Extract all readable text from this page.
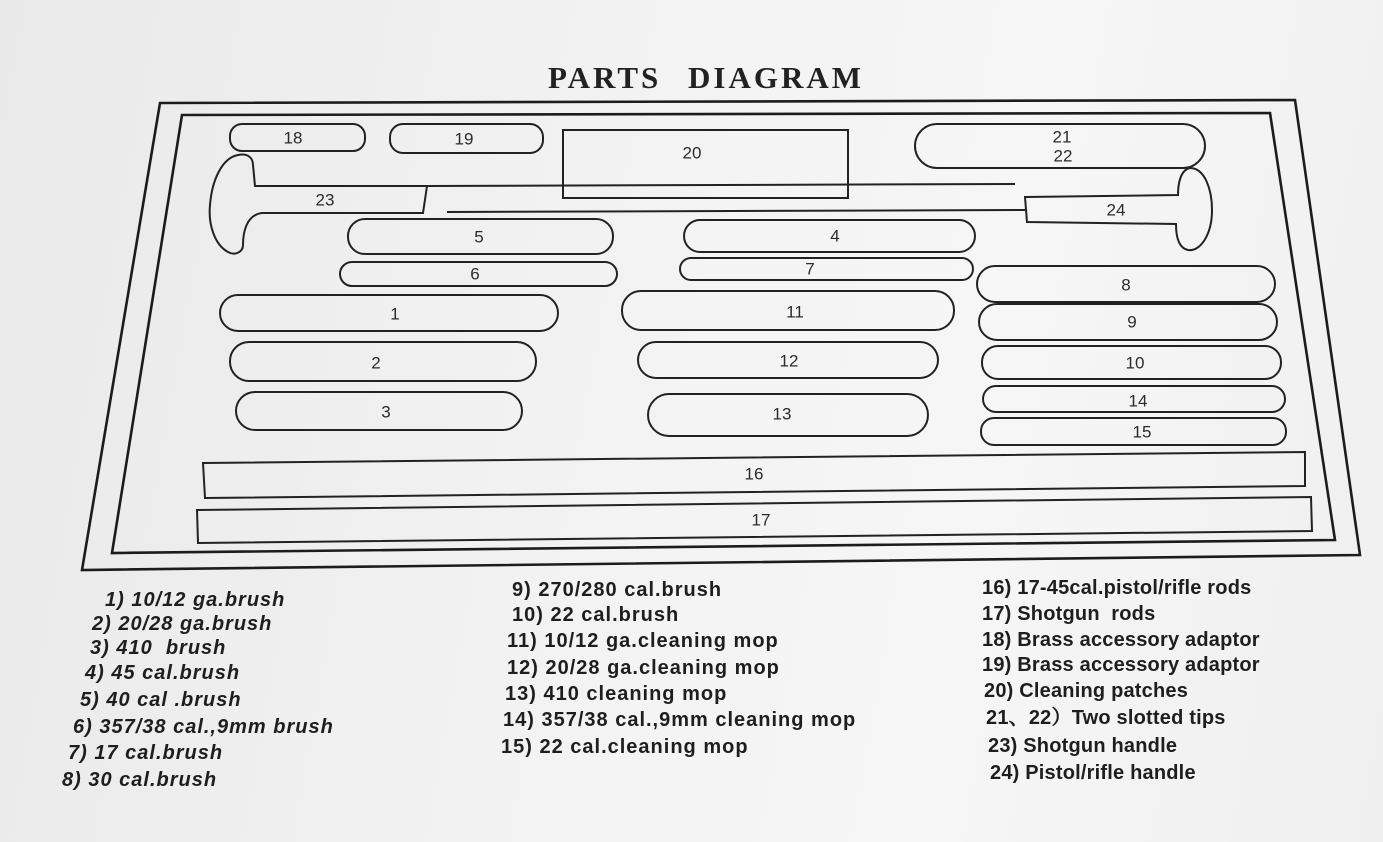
PARTS DIAGRAM
18	19
20
21
22
23
24
5	4
6	7
8
1	11
9
2	12	10
3	13
14
15
16
17
1) 10/12 ga.brush
2) 20/28 ga.brush
3) 410  brush
4) 45 cal.brush
5) 40 cal .brush
6) 357/38 cal.,9mm brush
7) 17 cal.brush
8) 30 cal.brush
9) 270/280 cal.brush
10) 22 cal.brush
11) 10/12 ga.cleaning mop
12) 20/28 ga.cleaning mop
13) 410 cleaning mop
14) 357/38 cal.,9mm cleaning mop
15) 22 cal.cleaning mop
16) 17-45cal.pistol/rifle rods
17) Shotgun  rods
18) Brass accessory adaptor
19) Brass accessory adaptor
20) Cleaning patches
21、22）Two slotted tips
23) Shotgun handle
24) Pistol/rifle handle
